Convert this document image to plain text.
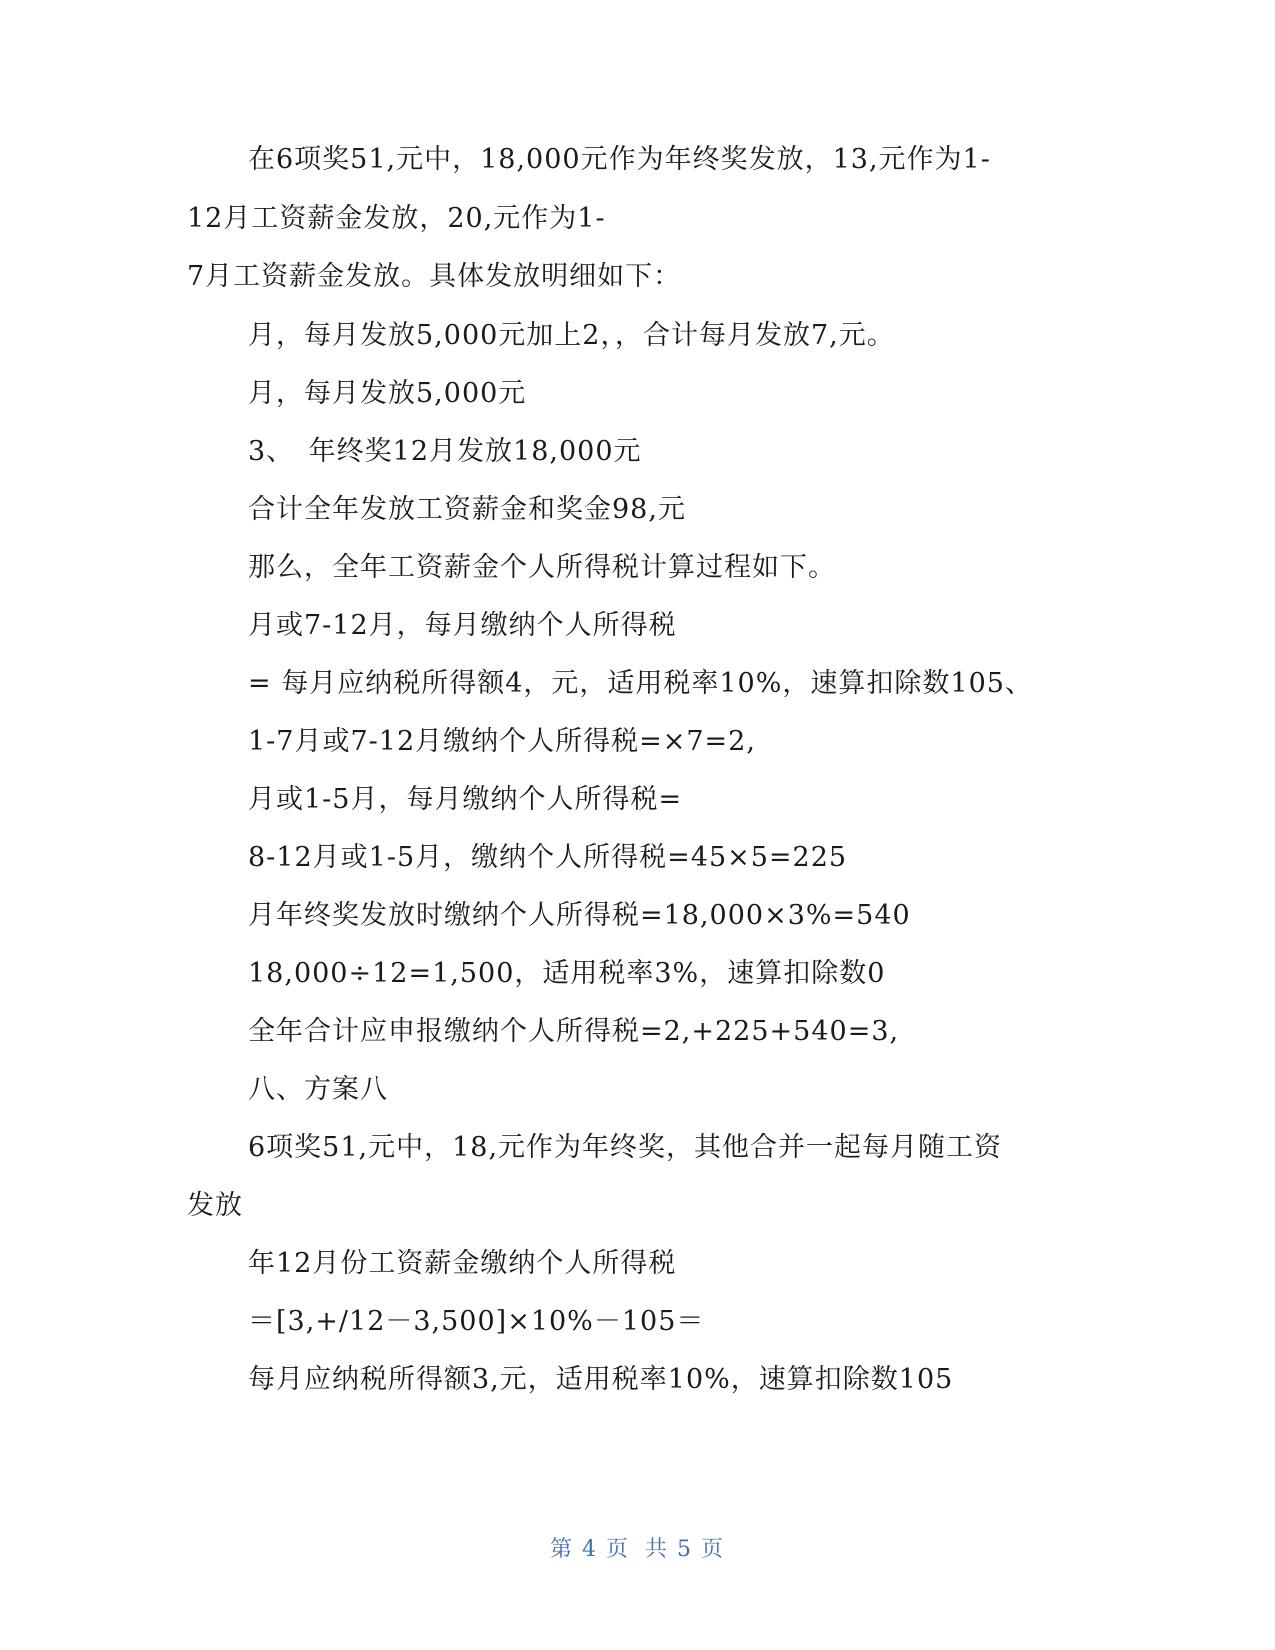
在6项奖51,元中，18,000元作为年终奖发放，13,元作为1-
12月工资薪金发放，20,元作为1-
7月工资薪金发放。具体发放明细如下：
月，每月发放5,000元加上2，，合计每月发放7,元。
月，每月发放5,000元
3、　年终奖12月发放18,000元
合计全年发放工资薪金和奖金98,元
那么，全年工资薪金个人所得税计算过程如下。
月或7-12月，每月缴纳个人所得税
= 每月应纳税所得额4，元，适用税率10%，速算扣除数105、
1-7月或7-12月缴纳个人所得税=×7=2,
月或1-5月，每月缴纳个人所得税=
8-12月或1-5月，缴纳个人所得税=45×5=225
月年终奖发放时缴纳个人所得税=18,000×3%=540
18,000÷12=1,500，适用税率3%，速算扣除数0
全年合计应申报缴纳个人所得税=2,+225+540=3,
八、方案八
6项奖51,元中，18,元作为年终奖，其他合并一起每月随工资
发放
年12月份工资薪金缴纳个人所得税
＝[3,+/12－3,500]×10%－105＝
每月应纳税所得额3,元，适用税率10%，速算扣除数105
第 4 页 共 5 页
